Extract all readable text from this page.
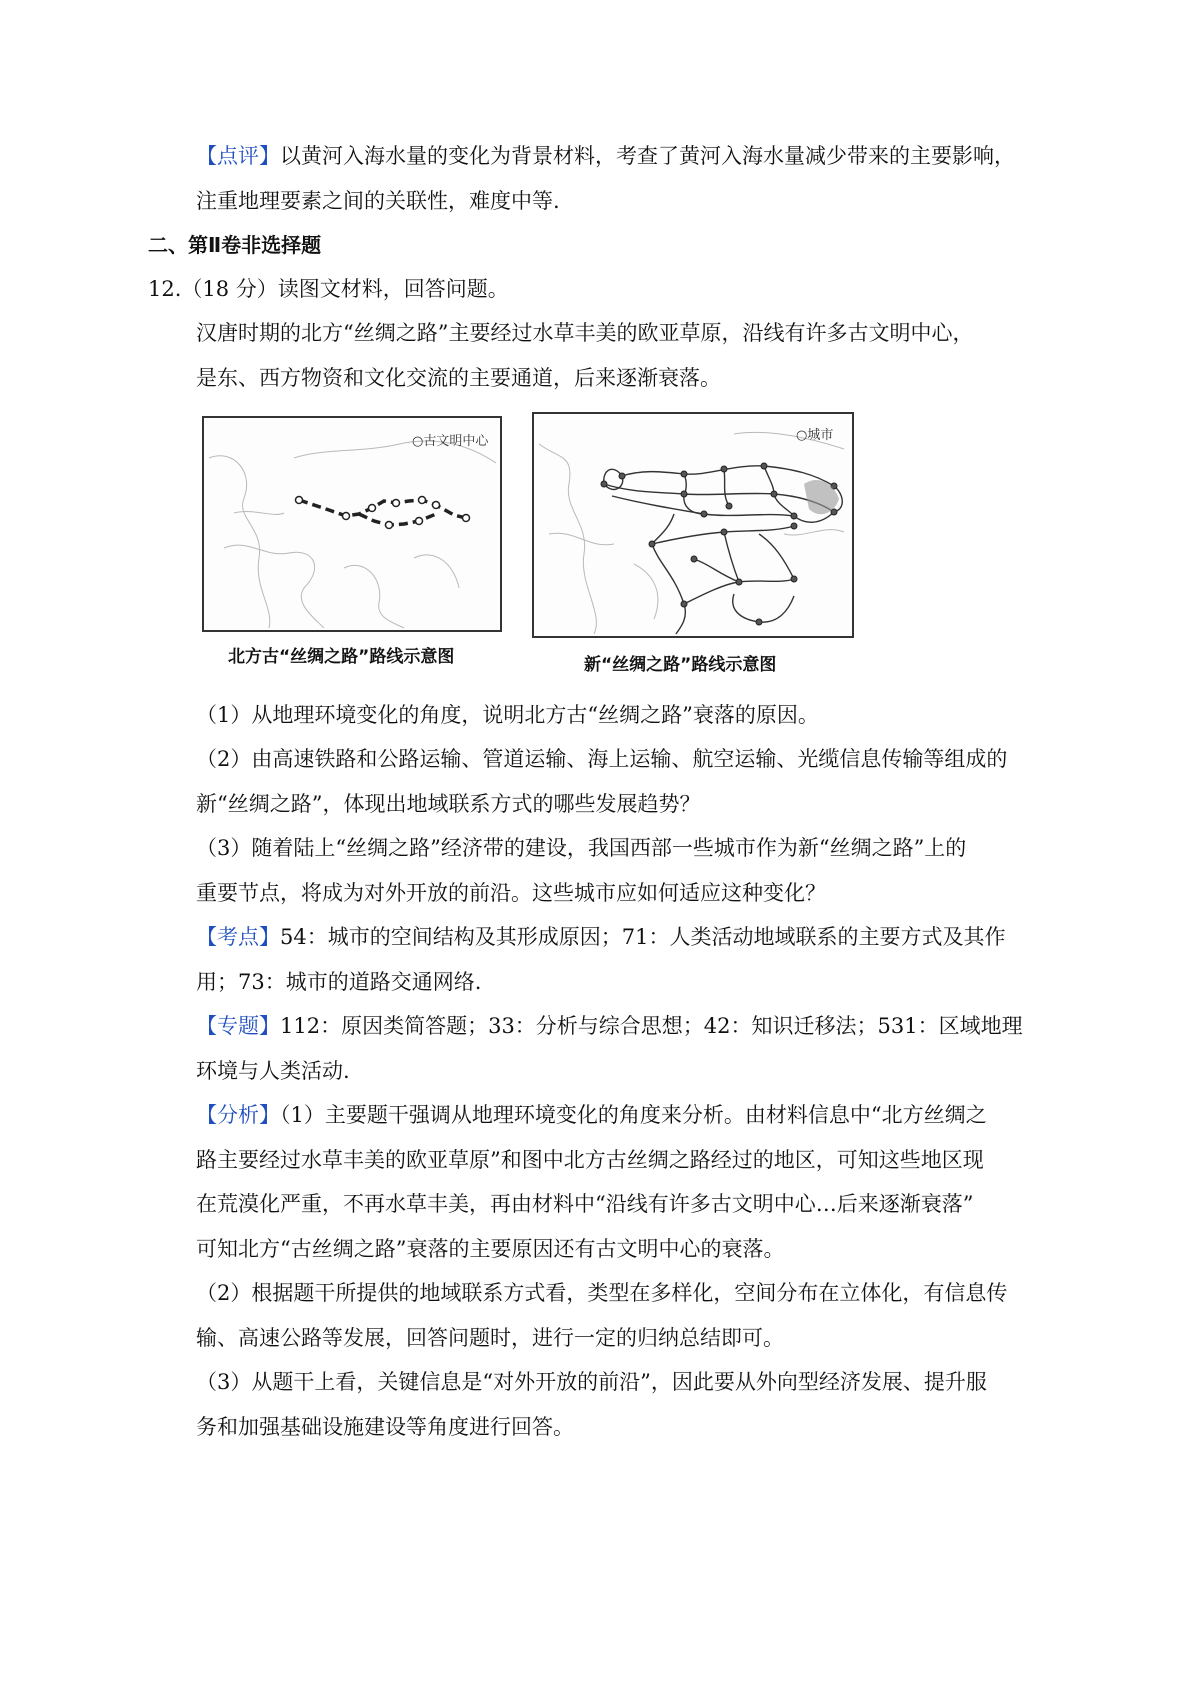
【点评】以黄河入海水量的变化为背景材料，考查了黄河入海水量减少带来的主要影响，
注重地理要素之间的关联性，难度中等.
二、第Ⅱ卷非选择题
12.（18 分）读图文材料，回答问题。
汉唐时期的北方“丝绸之路”主要经过水草丰美的欧亚草原，沿线有许多古文明中心，
是东、西方物资和文化交流的主要通道，后来逐渐衰落。
○古文明中心
北方古“丝绸之路”路线示意图
○城市
新“丝绸之路”路线示意图
（1）从地理环境变化的角度，说明北方古“丝绸之路”衰落的原因。
（2）由高速铁路和公路运输、管道运输、海上运输、航空运输、光缆信息传输等组成的
新“丝绸之路”，体现出地域联系方式的哪些发展趋势？
（3）随着陆上“丝绸之路”经济带的建设，我国西部一些城市作为新“丝绸之路”上的
重要节点，将成为对外开放的前沿。这些城市应如何适应这种变化？
【考点】54：城市的空间结构及其形成原因；71：人类活动地域联系的主要方式及其作
用；73：城市的道路交通网络.
【专题】112：原因类简答题；33：分析与综合思想；42：知识迁移法；531：区域地理
环境与人类活动.
【分析】（1）主要题干强调从地理环境变化的角度来分析。由材料信息中“北方丝绸之
路主要经过水草丰美的欧亚草原”和图中北方古丝绸之路经过的地区，可知这些地区现
在荒漠化严重，不再水草丰美，再由材料中“沿线有许多古文明中心…后来逐渐衰落”
可知北方“古丝绸之路”衰落的主要原因还有古文明中心的衰落。
（2）根据题干所提供的地域联系方式看，类型在多样化，空间分布在立体化，有信息传
输、高速公路等发展，回答问题时，进行一定的归纳总结即可。
（3）从题干上看，关键信息是“对外开放的前沿”，因此要从外向型经济发展、提升服
务和加强基础设施建设等角度进行回答。
